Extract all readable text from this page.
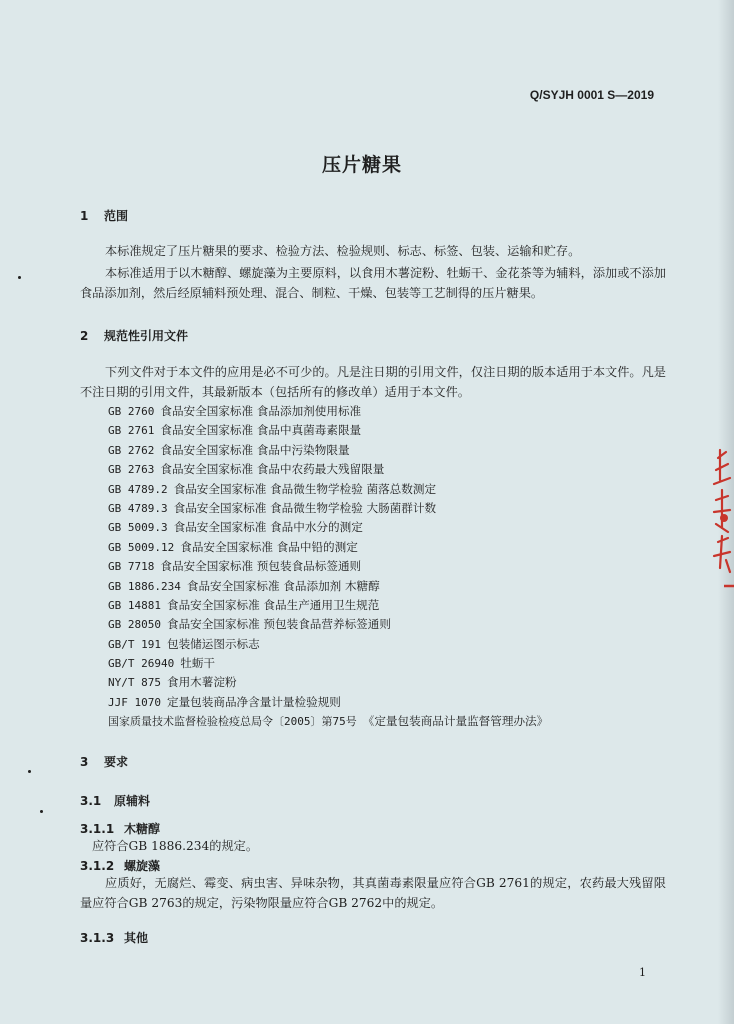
Q/SYJH 0001 S—2019
压片糖果
1 范围
本标准规定了压片糖果的要求、检验方法、检验规则、标志、标签、包装、运输和贮存。
本标准适用于以木糖醇、螺旋藻为主要原料，以食用木薯淀粉、牡蛎干、金花茶等为辅料，添加或不添加食品添加剂，然后经原辅料预处理、混合、制粒、干燥、包装等工艺制得的压片糖果。
2 规范性引用文件
下列文件对于本文件的应用是必不可少的。凡是注日期的引用文件，仅注日期的版本适用于本文件。凡是不注日期的引用文件，其最新版本（包括所有的修改单）适用于本文件。
GB 2760 食品安全国家标准 食品添加剂使用标准
GB 2761 食品安全国家标准 食品中真菌毒素限量
GB 2762 食品安全国家标准 食品中污染物限量
GB 2763 食品安全国家标准 食品中农药最大残留限量
GB 4789.2 食品安全国家标准 食品微生物学检验 菌落总数测定
GB 4789.3 食品安全国家标准 食品微生物学检验 大肠菌群计数
GB 5009.3 食品安全国家标准 食品中水分的测定
GB 5009.12 食品安全国家标准 食品中铅的测定
GB 7718 食品安全国家标准 预包装食品标签通则
GB 1886.234 食品安全国家标准 食品添加剂 木糖醇
GB 14881 食品安全国家标准 食品生产通用卫生规范
GB 28050 食品安全国家标准 预包装食品营养标签通则
GB/T 191 包装储运图示标志
GB/T 26940 牡蛎干
NY/T 875 食用木薯淀粉
JJF 1070 定量包装商品净含量计量检验规则
国家质量技术监督检验检疫总局令〔2005〕第75号 《定量包装商品计量监督管理办法》
3 要求
3.1 原辅料
3.1.1 木糖醇
应符合GB 1886.234的规定。
3.1.2 螺旋藻
应质好，无腐烂、霉变、病虫害、异味杂物，其真菌毒素限量应符合GB 2761的规定，农药最大残留限量应符合GB 2763的规定，污染物限量应符合GB 2762中的规定。
3.1.3 其他
1
